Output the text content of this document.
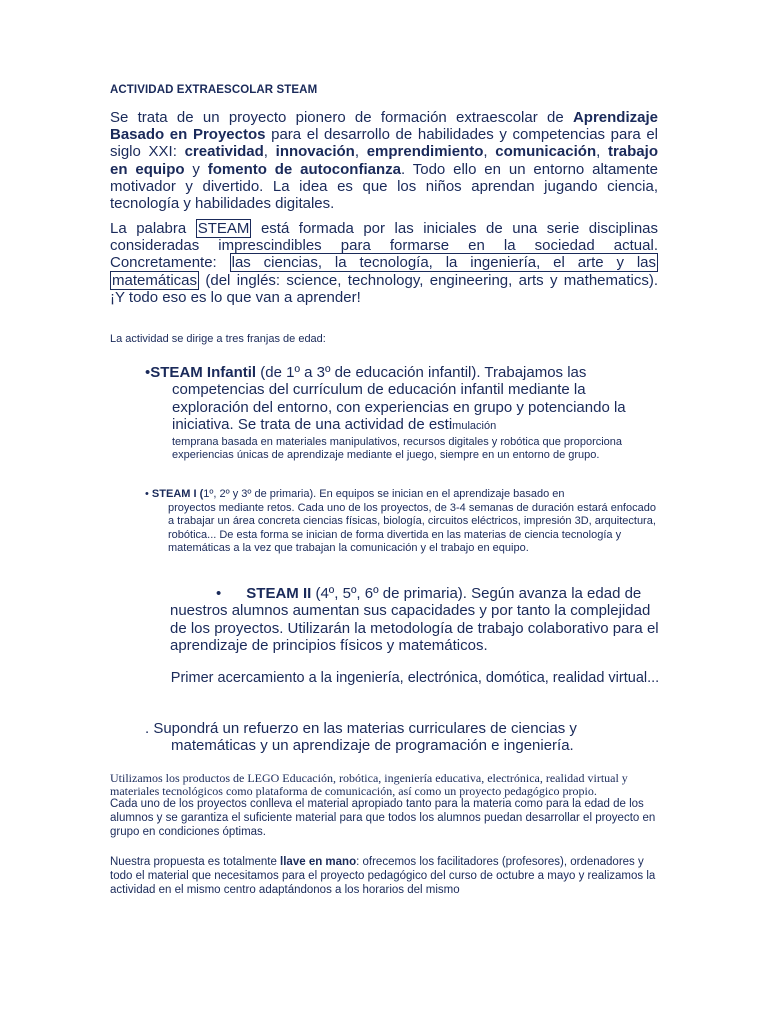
ACTIVIDAD EXTRAESCOLAR STEAM
Se trata de un proyecto pionero de formación extraescolar de Aprendizaje Basado en Proyectos para el desarrollo de habilidades y competencias para el siglo XXI: creatividad, innovación, emprendimiento, comunicación, trabajo en equipo y fomento de autoconfianza. Todo ello en un entorno altamente motivador y divertido. La idea es que los niños aprendan jugando ciencia, tecnología y habilidades digitales.
La palabra STEAM está formada por las iniciales de una serie disciplinas consideradas imprescindibles para formarse en la sociedad actual. Concretamente: las ciencias, la tecnología, la ingeniería, el arte y las matemáticas (del inglés: science, technology, engineering, arts y mathematics). ¡Y todo eso es lo que van a aprender!
La actividad se dirige a tres franjas de edad:
•STEAM Infantil (de 1º a 3º de educación infantil). Trabajamos las competencias del currículum de educación infantil mediante la exploración del entorno, con experiencias en grupo y potenciando la iniciativa. Se trata de una actividad de estimulación
temprana basada en materiales manipulativos, recursos digitales y robótica que proporciona experiencias únicas de aprendizaje mediante el juego, siempre en un entorno de grupo.
• STEAM I (1º, 2º y 3º de primaria). En equipos se inician en el aprendizaje basado en
proyectos mediante retos. Cada uno de los proyectos, de 3-4 semanas de duración estará enfocado a trabajar un área concreta ciencias físicas, biología, circuitos eléctricos, impresión 3D, arquitectura, robótica... De esta forma se inician de forma divertida en las materias de ciencia tecnología y matemáticas a la vez que trabajan la comunicación y el trabajo en equipo.
• STEAM II (4º, 5º, 6º de primaria). Según avanza la edad de
nuestros alumnos aumentan sus capacidades y por tanto la complejidad de los proyectos. Utilizarán la metodología de trabajo colaborativo para el aprendizaje de principios físicos y matemáticos.
Primer acercamiento a la ingeniería, electrónica, domótica, realidad virtual...
. Supondrá un refuerzo en las materias curriculares de ciencias y
matemáticas y un aprendizaje de programación e ingeniería.
Utilizamos los productos de LEGO Educación, robótica, ingeniería educativa, electrónica, realidad virtual y materiales tecnológicos como plataforma de comunicación, así como un proyecto pedagógico propio.
Cada uno de los proyectos conlleva el material apropiado tanto para la materia como para la edad de los alumnos y se garantiza el suficiente material para que todos los alumnos puedan desarrollar el proyecto en grupo en condiciones óptimas.
Nuestra propuesta es totalmente llave en mano: ofrecemos los facilitadores (profesores), ordenadores y todo el material que necesitamos para el proyecto pedagógico del curso de octubre a mayo y realizamos la actividad en el mismo centro adaptándonos a los horarios del mismo
